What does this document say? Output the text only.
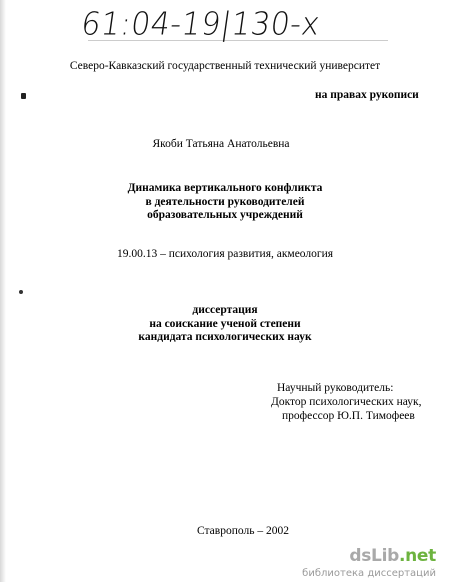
61:04-19|130-х
Северо-Кавказский государственный технический университет
на правах рукописи
Якоби Татьяна Анатольевна
Динамика вертикального конфликта
в деятельности руководителей
образовательных учреждений
19.00.13 – психология развития, акмеология
диссертация
на соискание ученой степени
кандидата психологических наук
Научный руководитель:
Доктор психологических наук,
профессор Ю.П. Тимофеев
Ставрополь – 2002
dsLib.net
библиотека диссертаций
